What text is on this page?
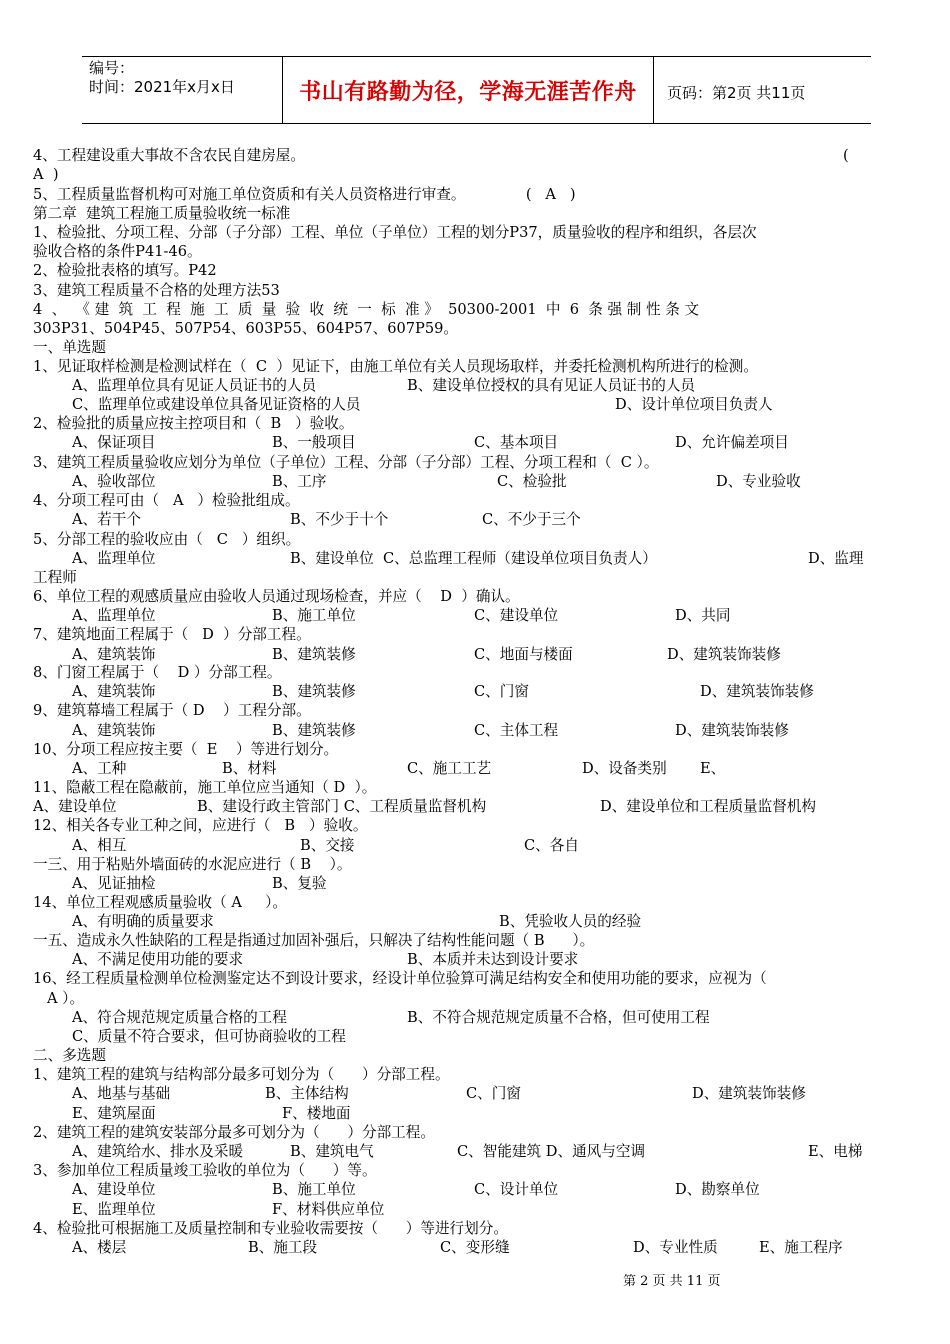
编号：
时间：2021年x月x日	书山有路勤为径，学海无涯苦作舟 页码：第2页 共11页
4、工程建设重大事故不含农民自建房屋。	(
A  )
5、工程质量监督机构可对施工单位资质和有关人员资格进行审查。             (   A   )
第二章  建筑工程施工质量验收统一标准
1、检验批、分项工程、分部（子分部）工程、单位（子单位）工程的划分P37，质量验收的程序和组织，各层次
验收合格的条件P41-46。
2、检验批表格的填写。P42
3、建筑工程质量不合格的处理方法53
4  、  《 建  筑  工  程  施  工  质  量  验  收  统  一  标  准 》  50300-2001  中  6  条 强 制 性 条 文
303P31、504P45、507P54、603P55、604P57、607P59。
一、单选题
1、见证取样检测是检测试样在（  C  ）见证下，由施工单位有关人员现场取样，并委托检测机构所进行的检测。
A、监理单位具有见证人员证书的人员	B、建设单位授权的具有见证人员证书的人员
C、监理单位或建设单位具备见证资格的人员	D、设计单位项目负责人
2、检验批的质量应按主控项目和（  B   ）验收。
A、保证项目	B、一般项目	C、基本项目	D、允许偏差项目
3、建筑工程质量验收应划分为单位（子单位）工程、分部（子分部）工程、分项工程和（  C ）。
A、验收部位	B、工序	C、检验批	D、专业验收
4、分项工程可由（   A   ）检验批组成。
A、若干个	B、不少于十个	C、不少于三个
5、分部工程的验收应由（   C   ）组织。
A、监理单位	B、建设单位  C、总监理工程师（建设单位项目负责人）	D、监理
工程师
6、单位工程的观感质量应由验收人员通过现场检查，并应（    D  ）确认。
A、监理单位	B、施工单位	C、建设单位	D、共同
7、建筑地面工程属于（   D  ）分部工程。
A、建筑装饰	B、建筑装修	C、地面与楼面	D、建筑装饰装修
8、门窗工程属于（    D ）分部工程。
A、建筑装饰	B、建筑装修	C、门窗	D、建筑装饰装修
9、建筑幕墙工程属于（ D    ）工程分部。
A、建筑装饰	B、建筑装修	C、主体工程	D、建筑装饰装修
10、分项工程应按主要（  E    ）等进行划分。
A、工种	B、材料	C、施工工艺	D、设备类别 E、
11、隐蔽工程在隐蔽前，施工单位应当通知（ D  ）。
A、建设单位	B、建设行政主管部门 C、工程质量监督机构	D、建设单位和工程质量监督机构
12、相关各专业工种之间，应进行（   B   ）验收。
A、相互	B、交接	C、各自
一三、用于粘贴外墙面砖的水泥应进行（ B    ）。
A、见证抽检	B、复验
14、单位工程观感质量验收（ A     ）。
A、有明确的质量要求	B、凭验收人员的经验
一五、造成永久性缺陷的工程是指通过加固补强后，只解决了结构性能问题（ B      ）。
A、不满足使用功能的要求	B、本质并未达到设计要求
16、经工程质量检测单位检测鉴定达不到设计要求，经设计单位验算可满足结构安全和使用功能的要求，应视为（
A ）。
A、符合规范规定质量合格的工程	B、不符合规范规定质量不合格，但可使用工程
C、质量不符合要求，但可协商验收的工程
二、多选题
1、建筑工程的建筑与结构部分最多可划分为（      ）分部工程。
A、地基与基础	B、主体结构	C、门窗	D、建筑装饰装修
E、建筑屋面	F、楼地面
2、建筑工程的建筑安装部分最多可划分为（      ）分部工程。
A、建筑给水、排水及采暖	B、建筑电气	C、智能建筑 D、通风与空调	E、电梯
3、参加单位工程质量竣工验收的单位为（      ）等。
A、建设单位	B、施工单位	C、设计单位	D、勘察单位
E、监理单位	F、材料供应单位
4、检验批可根据施工及质量控制和专业验收需要按（      ）等进行划分。
A、楼层	B、施工段	C、变形缝	D、专业性质	E、施工程序
第 2 页 共 11 页
